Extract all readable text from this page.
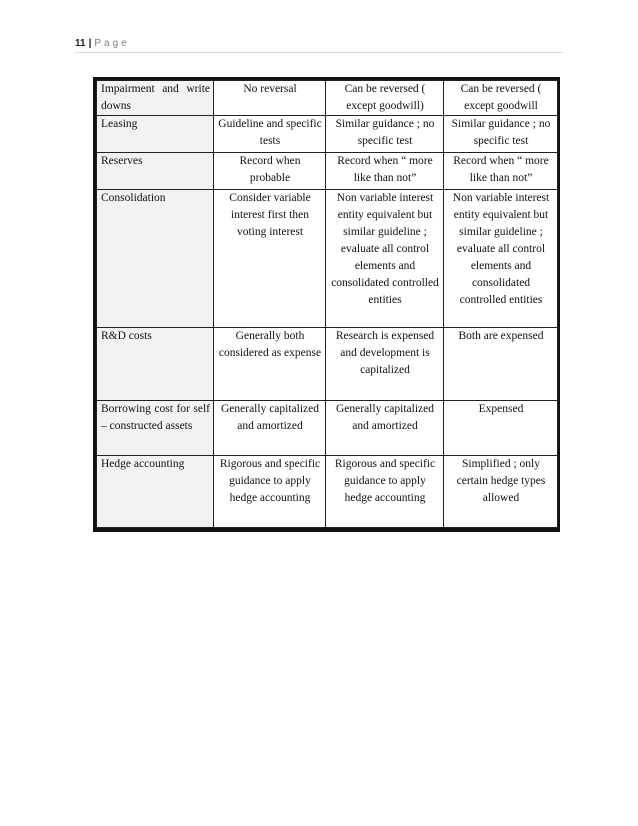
11 | Page
Impairment and write downs	No reversal	Can be reversed ( except goodwill)	Can be reversed ( except goodwill
Leasing	Guideline and specific tests	Similar guidance ; no specific test	Similar guidance ; no specific test
Reserves	Record when probable	Record when “ more like than not”	Record when “ more like than not”
Consolidation	Consider variable interest first then voting interest	Non variable interest entity equivalent but similar guideline ; evaluate all control elements and consolidated controlled entities	Non variable interest entity equivalent but similar guideline ; evaluate all control elements and consolidated controlled entities
R&D costs	Generally both considered as expense	Research is expensed and development is capitalized	Both are expensed
Borrowing cost for self – constructed assets	Generally capitalized and amortized	Generally capitalized and amortized	Expensed
Hedge accounting	Rigorous and specific guidance to apply hedge accounting	Rigorous and specific guidance to apply hedge accounting	Simplified ; only certain hedge types allowed
